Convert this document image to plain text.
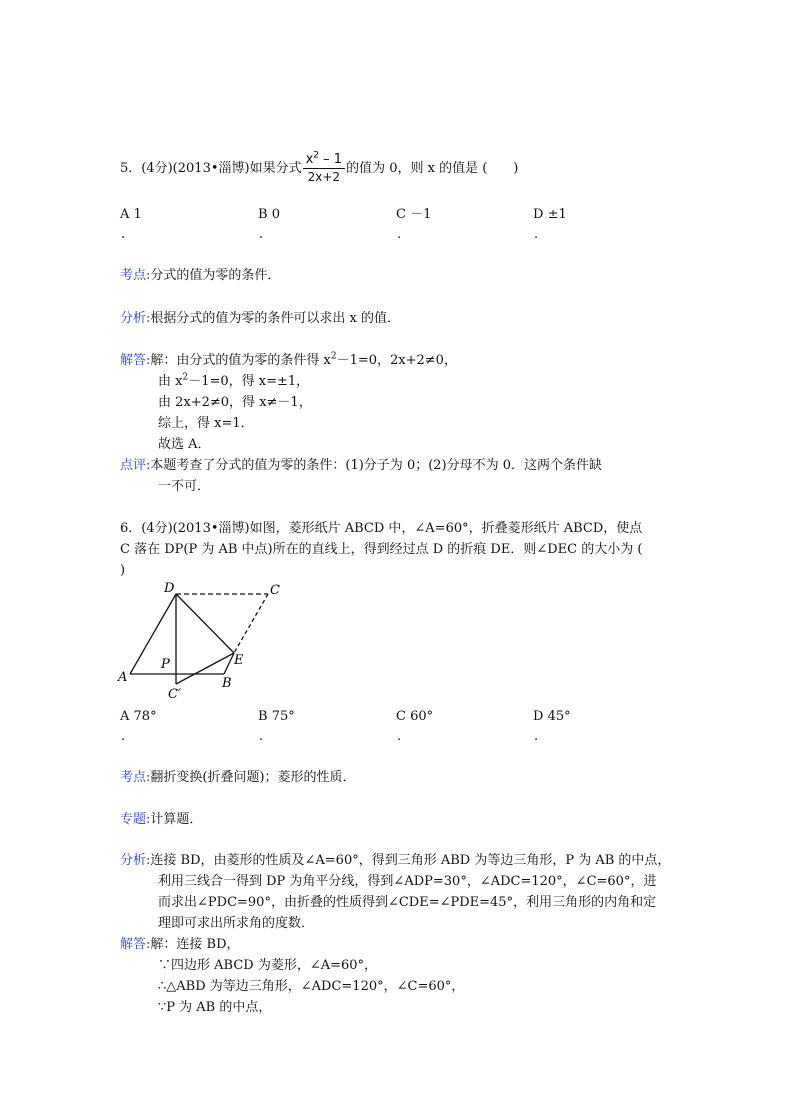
5．(4分)(2013•淄博)如果分式 $\frac{x^2 - 1}{2x+2}$ 的值为 0，则 x 的值是 (　　)
A 1
.
B 0
.
C －1
.
D ±1
.
考点:分式的值为零的条件．
分析:根据分式的值为零的条件可以求出 x 的值．
解答:解：由分式的值为零的条件得 $x^2-1=0$，2x+2≠0，
由 $x^2-1=0$，得 x=±1，
由 2x+2≠0，得 x≠－1，
综上，得 x=1．
故选 A．
点评:本题考查了分式的值为零的条件：(1)分子为 0；(2)分母不为 0．这两个条件缺
一不可．
6．(4分)(2013•淄博)如图，菱形纸片 ABCD 中，∠A=60°，折叠菱形纸片 ABCD，使点
C 落在 DP(P 为 AB 中点)所在的直线上，得到经过点 D 的折痕 DE．则∠DEC 的大小为 (
)
D	C
A	B
P	E
C′
A 78°
.
B 75°
.
C 60°
.
D 45°
.
考点:翻折变换(折叠问题)；菱形的性质．
专题:计算题．
分析:连接 BD，由菱形的性质及∠A=60°，得到三角形 ABD 为等边三角形，P 为 AB 的中点，
利用三线合一得到 DP 为角平分线，得到∠ADP=30°，∠ADC=120°，∠C=60°，进
而求出∠PDC=90°，由折叠的性质得到∠CDE=∠PDE=45°，利用三角形的内角和定
理即可求出所求角的度数．
解答:解：连接 BD，
∵四边形 ABCD 为菱形，∠A=60°，
∴△ABD 为等边三角形，∠ADC=120°，∠C=60°，
∵P 为 AB 的中点，
